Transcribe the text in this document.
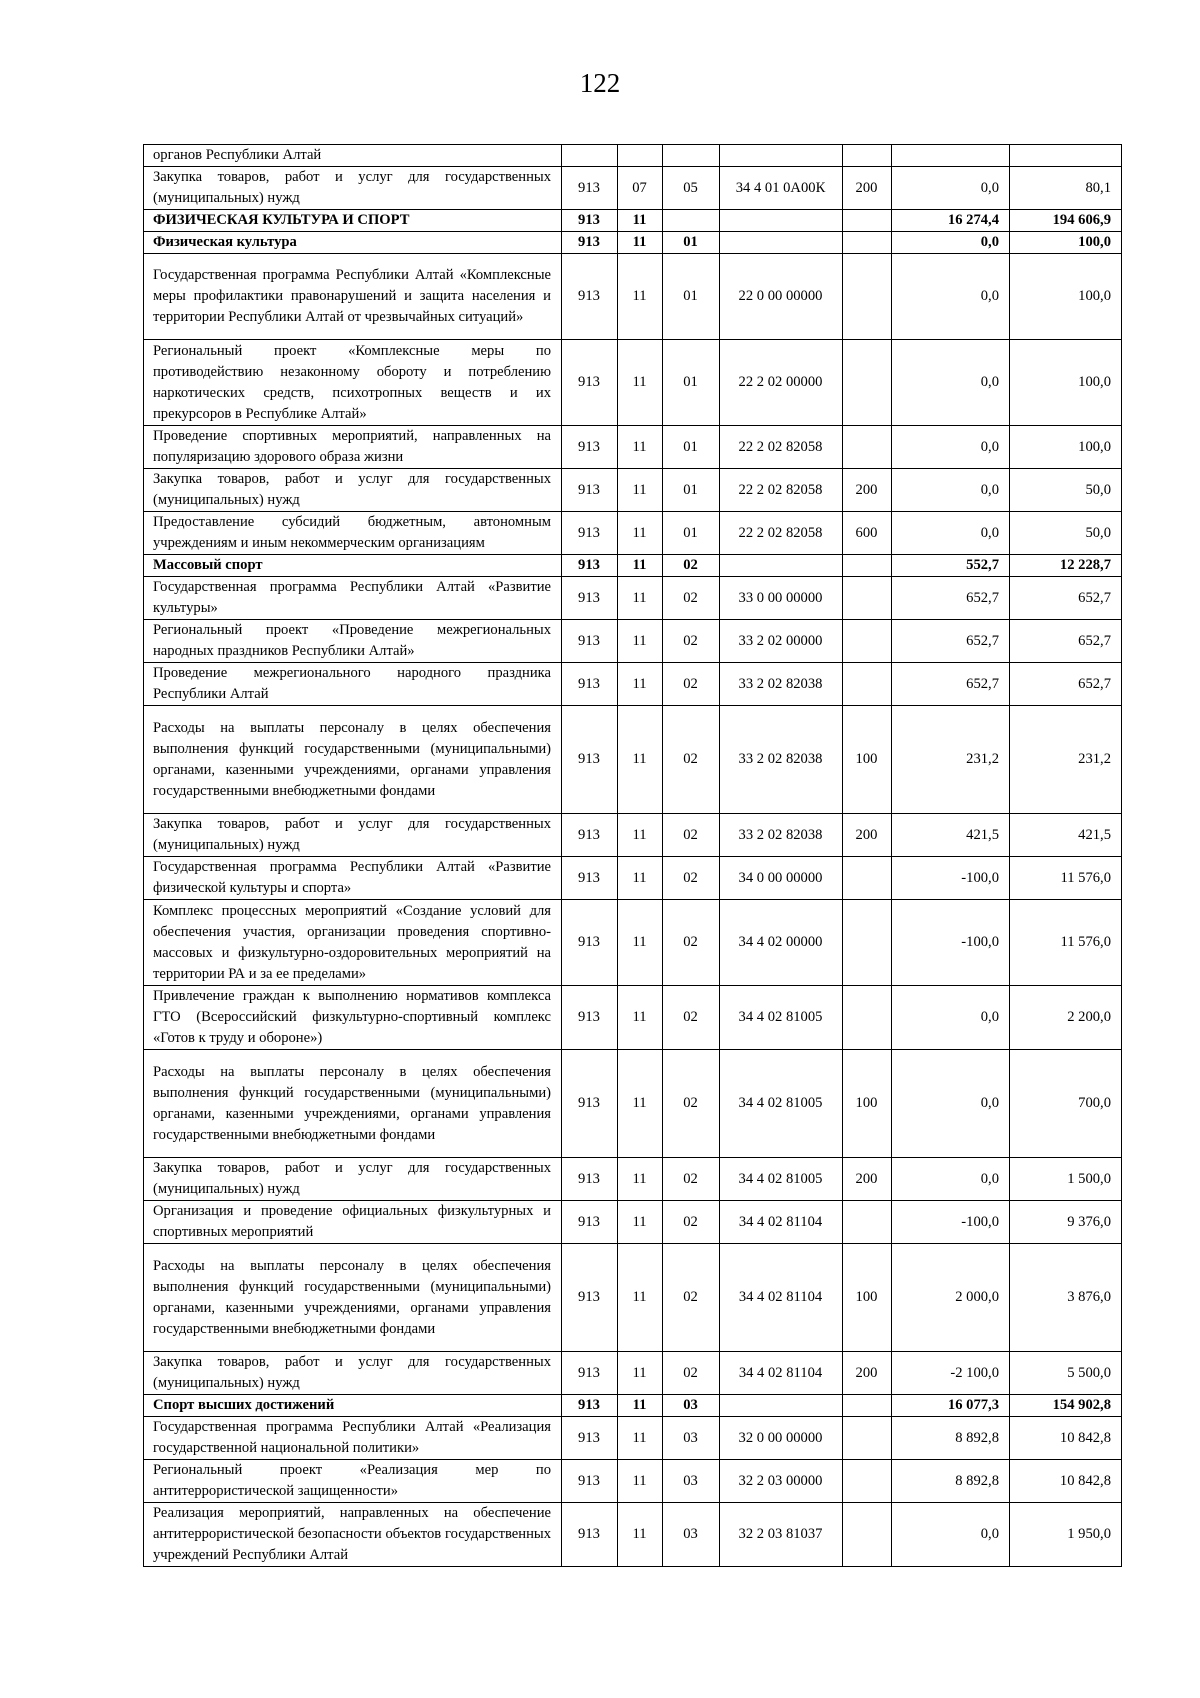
122
органов Республики Алтай							
Закупка товаров, работ и услуг для государственных (муниципальных) нужд	913	07	05	34 4 01 0А00К	200	0,0	80,1
ФИЗИЧЕСКАЯ КУЛЬТУРА И СПОРТ	913	11				16 274,4	194 606,9
Физическая культура	913	11	01			0,0	100,0
Государственная программа Республики Алтай «Комплексные меры профилактики правонарушений и защита населения и территории Республики Алтай от чрезвычайных ситуаций»	913	11	01	22 0 00 00000		0,0	100,0
Региональный проект «Комплексные меры по противодействию незаконному обороту и потреблению наркотических средств, психотропных веществ и их прекурсоров в Республике Алтай»	913	11	01	22 2 02 00000		0,0	100,0
Проведение спортивных мероприятий, направленных на популяризацию здорового образа жизни	913	11	01	22 2 02 82058		0,0	100,0
Закупка товаров, работ и услуг для государственных (муниципальных) нужд	913	11	01	22 2 02 82058	200	0,0	50,0
Предоставление субсидий бюджетным, автономным учреждениям и иным некоммерческим организациям	913	11	01	22 2 02 82058	600	0,0	50,0
Массовый спорт	913	11	02			552,7	12 228,7
Государственная программа Республики Алтай «Развитие культуры»	913	11	02	33 0 00 00000		652,7	652,7
Региональный проект «Проведение межрегиональных народных праздников Республики Алтай»	913	11	02	33 2 02 00000		652,7	652,7
Проведение межрегионального народного праздника Республики Алтай	913	11	02	33 2 02 82038		652,7	652,7
Расходы на выплаты персоналу в целях обеспечения выполнения функций государственными (муниципальными) органами, казенными учреждениями, органами управления государственными внебюджетными фондами	913	11	02	33 2 02 82038	100	231,2	231,2
Закупка товаров, работ и услуг для государственных (муниципальных) нужд	913	11	02	33 2 02 82038	200	421,5	421,5
Государственная программа Республики Алтай «Развитие физической культуры и спорта»	913	11	02	34 0 00 00000		-100,0	11 576,0
Комплекс процессных мероприятий «Создание условий для обеспечения участия, организации проведения спортивно-массовых и физкультурно-оздоровительных мероприятий на территории РА и за ее пределами»	913	11	02	34 4 02 00000		-100,0	11 576,0
Привлечение граждан к выполнению нормативов комплекса ГТО (Всероссийский физкультурно-спортивный комплекс «Готов к труду и обороне»)	913	11	02	34 4 02 81005		0,0	2 200,0
Расходы на выплаты персоналу в целях обеспечения выполнения функций государственными (муниципальными) органами, казенными учреждениями, органами управления государственными внебюджетными фондами	913	11	02	34 4 02 81005	100	0,0	700,0
Закупка товаров, работ и услуг для государственных (муниципальных) нужд	913	11	02	34 4 02 81005	200	0,0	1 500,0
Организация и проведение официальных физкультурных и спортивных мероприятий	913	11	02	34 4 02 81104		-100,0	9 376,0
Расходы на выплаты персоналу в целях обеспечения выполнения функций государственными (муниципальными) органами, казенными учреждениями, органами управления государственными внебюджетными фондами	913	11	02	34 4 02 81104	100	2 000,0	3 876,0
Закупка товаров, работ и услуг для государственных (муниципальных) нужд	913	11	02	34 4 02 81104	200	-2 100,0	5 500,0
Спорт высших достижений	913	11	03			16 077,3	154 902,8
Государственная программа Республики Алтай «Реализация государственной национальной политики»	913	11	03	32 0 00 00000		8 892,8	10 842,8
Региональный проект «Реализация мер по антитеррористической защищенности»	913	11	03	32 2 03 00000		8 892,8	10 842,8
Реализация мероприятий, направленных на обеспечение антитеррористической безопасности объектов государственных учреждений Республики Алтай	913	11	03	32 2 03 81037		0,0	1 950,0
